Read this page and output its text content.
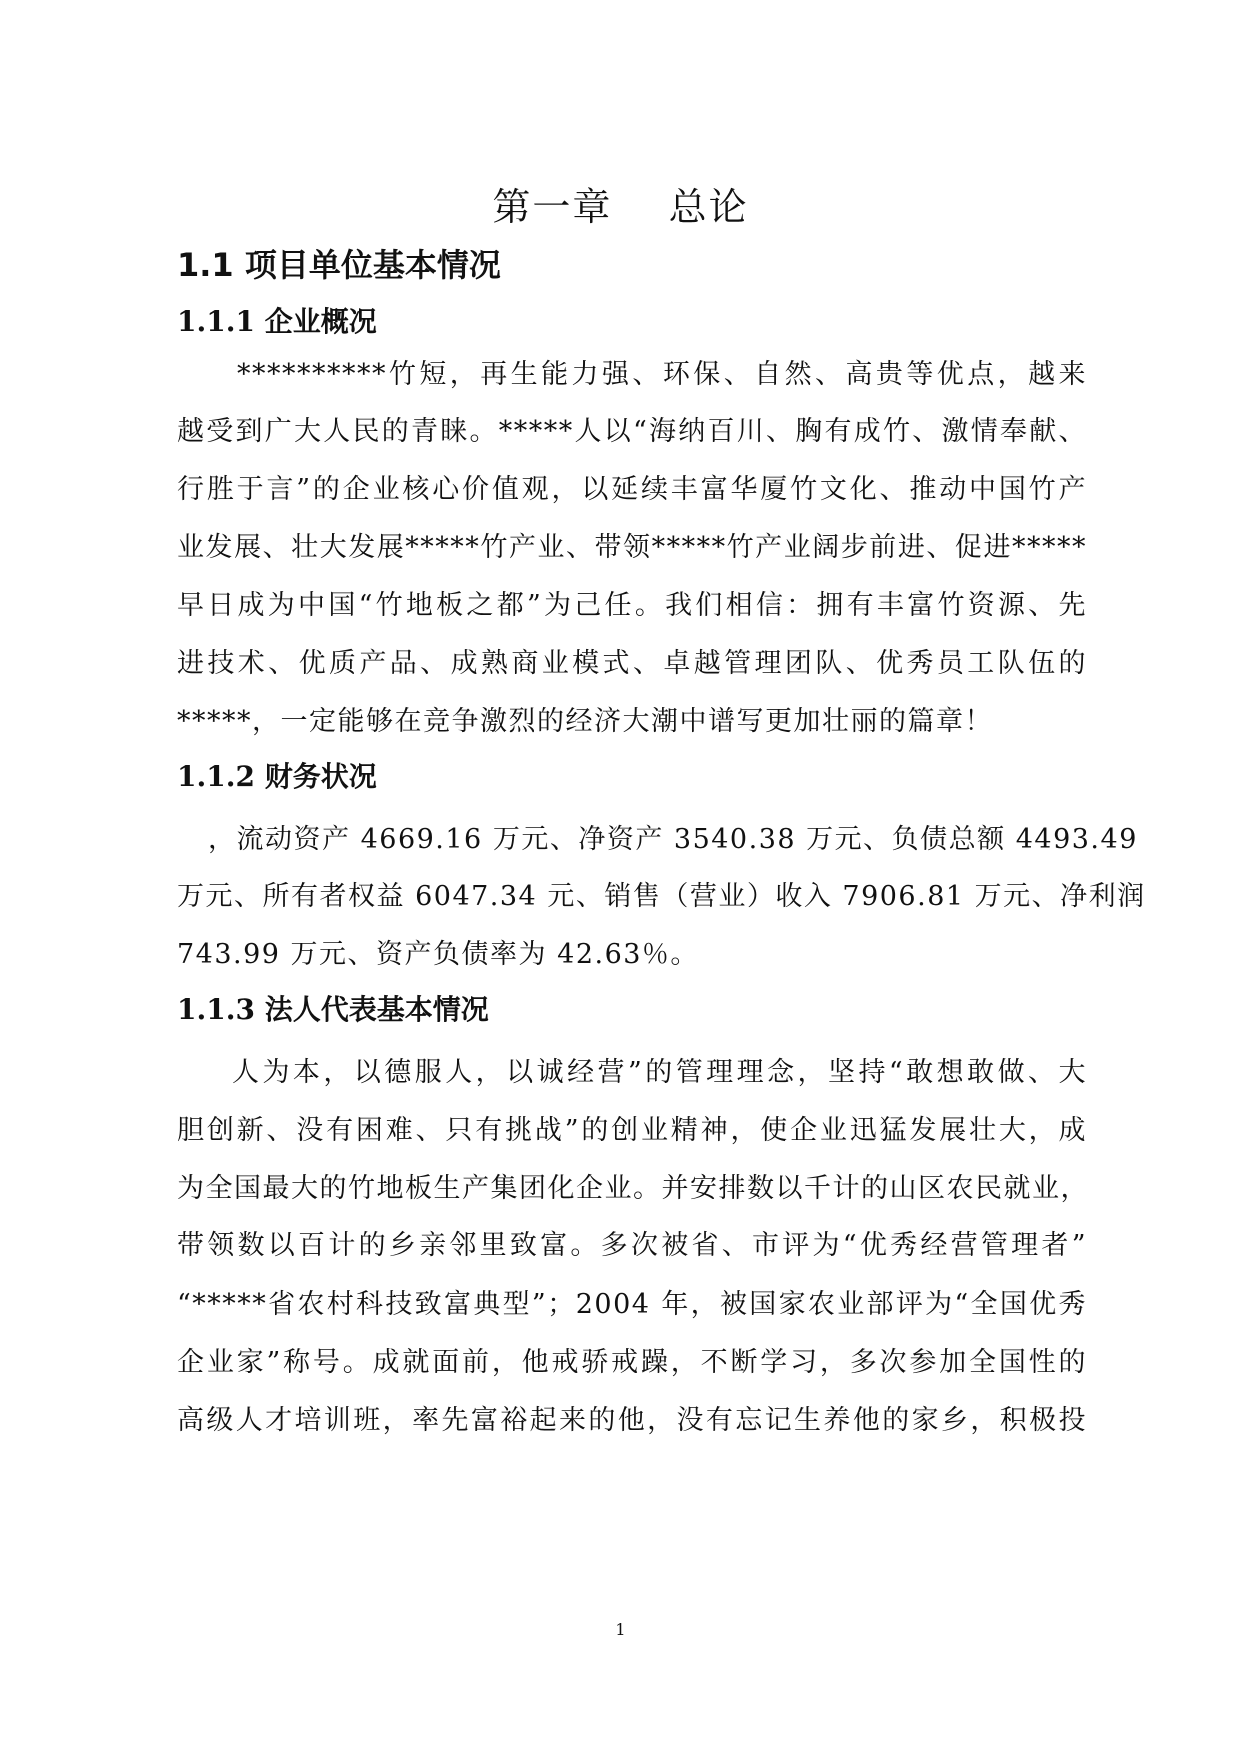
第一章    总论
1.1 项目单位基本情况
1.1.1 企业概况
**********竹短，再生能力强、环保、自然、高贵等优点，越来
越受到广大人民的青睐。*****人以“海纳百川、胸有成竹、激情奉献、
行胜于言”的企业核心价值观，以延续丰富华厦竹文化、推动中国竹产
业发展、壮大发展*****竹产业、带领*****竹产业阔步前进、促进*****
早日成为中国“竹地板之都”为己任。我们相信：拥有丰富竹资源、先
进技术、优质产品、成熟商业模式、卓越管理团队、优秀员工队伍的
*****，一定能够在竞争激烈的经济大潮中谱写更加壮丽的篇章！
1.1.2 财务状况
，流动资产 4669.16 万元、净资产 3540.38 万元、负债总额 4493.49
万元、所有者权益 6047.34 元、销售（营业）收入 7906.81 万元、净利润
743.99 万元、资产负债率为 42.63％。
1.1.3 法人代表基本情况
人为本，以德服人，以诚经营”的管理理念，坚持“敢想敢做、大
胆创新、没有困难、只有挑战”的创业精神，使企业迅猛发展壮大，成
为全国最大的竹地板生产集团化企业。并安排数以千计的山区农民就业，
带领数以百计的乡亲邻里致富。多次被省、市评为“优秀经营管理者”
“*****省农村科技致富典型”；2004 年，被国家农业部评为“全国优秀
企业家”称号。成就面前，他戒骄戒躁，不断学习，多次参加全国性的
高级人才培训班，率先富裕起来的他，没有忘记生养他的家乡，积极投
1
